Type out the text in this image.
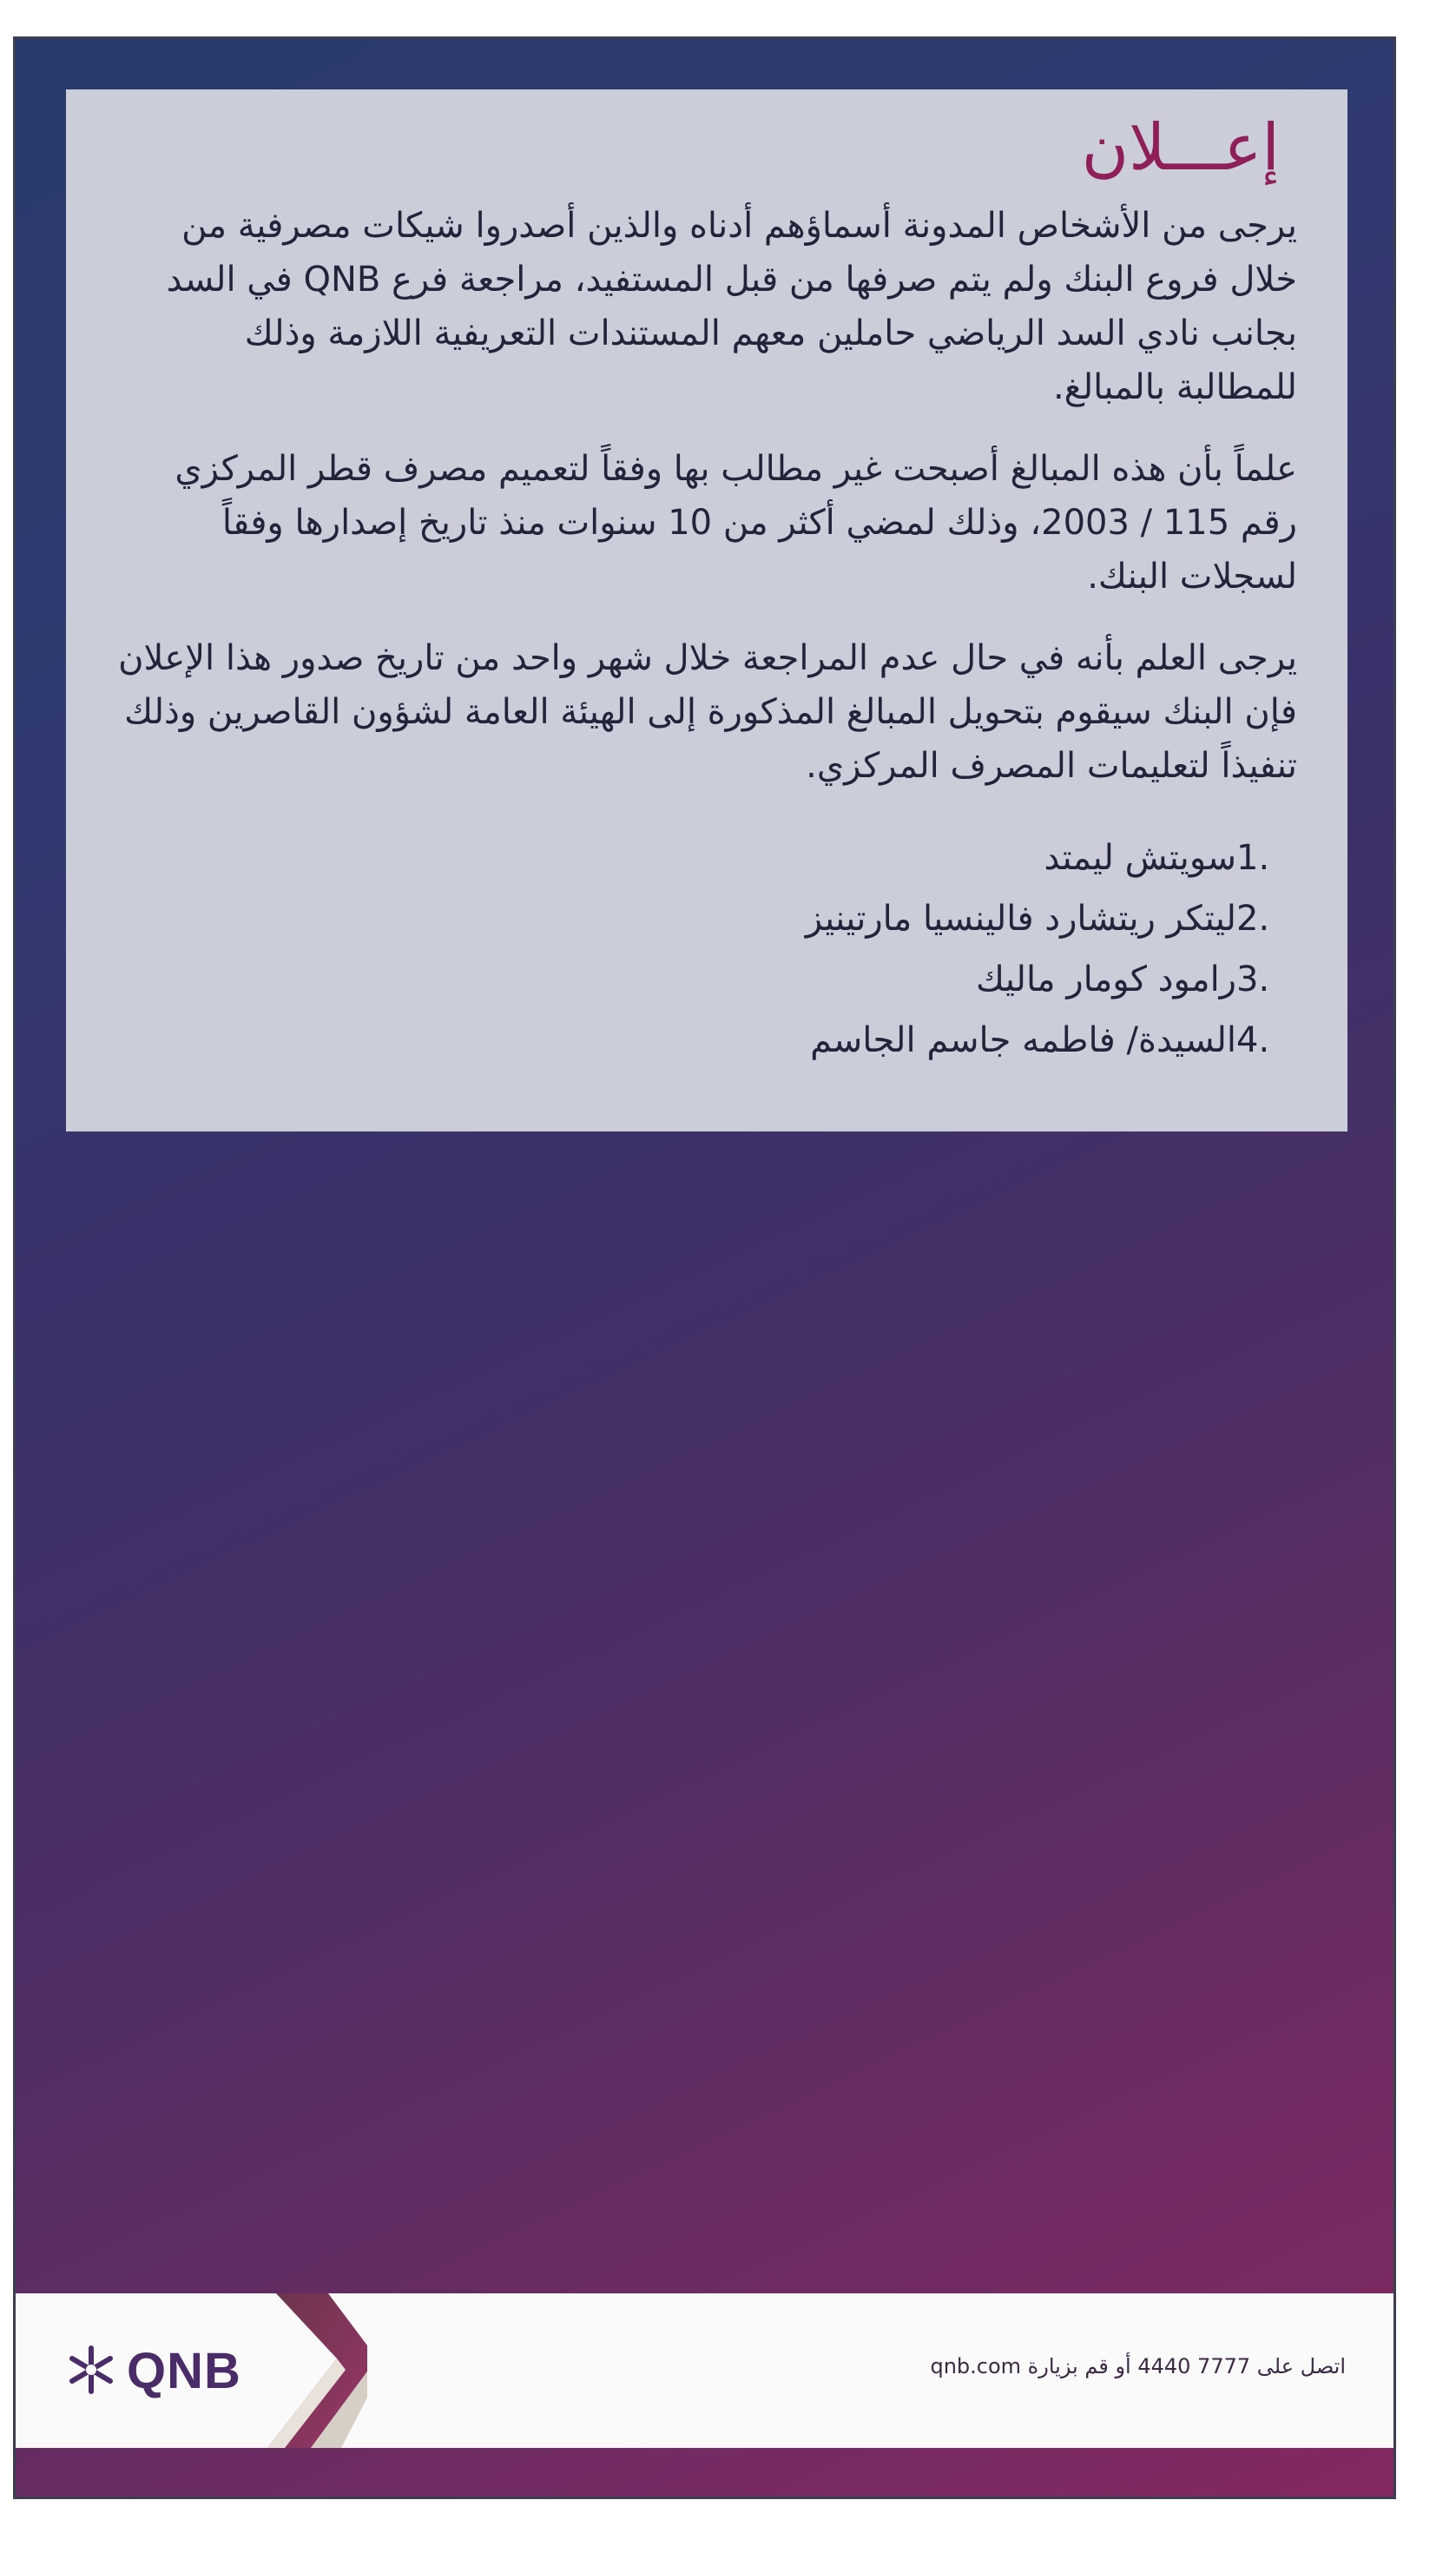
إعـــلان

يرجى من الأشخاص المدونة أسماؤهم أدناه والذين أصدروا شيكات مصرفية من خلال فروع البنك ولم يتم صرفها من قبل المستفيد، مراجعة فرع QNB في السد بجانب نادي السد الرياضي حاملين معهم المستندات التعريفية اللازمة وذلك للمطالبة بالمبالغ.

علماً بأن هذه المبالغ أصبحت غير مطالب بها وفقاً لتعميم مصرف قطر المركزي رقم 115 / 2003، وذلك لمضي أكثر من 10 سنوات منذ تاريخ إصدارها وفقاً لسجلات البنك.

يرجى العلم بأنه في حال عدم المراجعة خلال شهر واحد من تاريخ صدور هذا الإعلان فإن البنك سيقوم بتحويل المبالغ المذكورة إلى الهيئة العامة لشؤون القاصرين وذلك تنفيذاً لتعليمات المصرف المركزي.

1.
سويتش ليمتد
2.
ليتكر ريتشارد فالينسيا مارتينيز
3.
رامود كومار ماليك
4.
السيدة/ فاطمه جاسم الجاسم
QNB	اتصل على 7777 4440 أو قم بزيارة qnb.com
